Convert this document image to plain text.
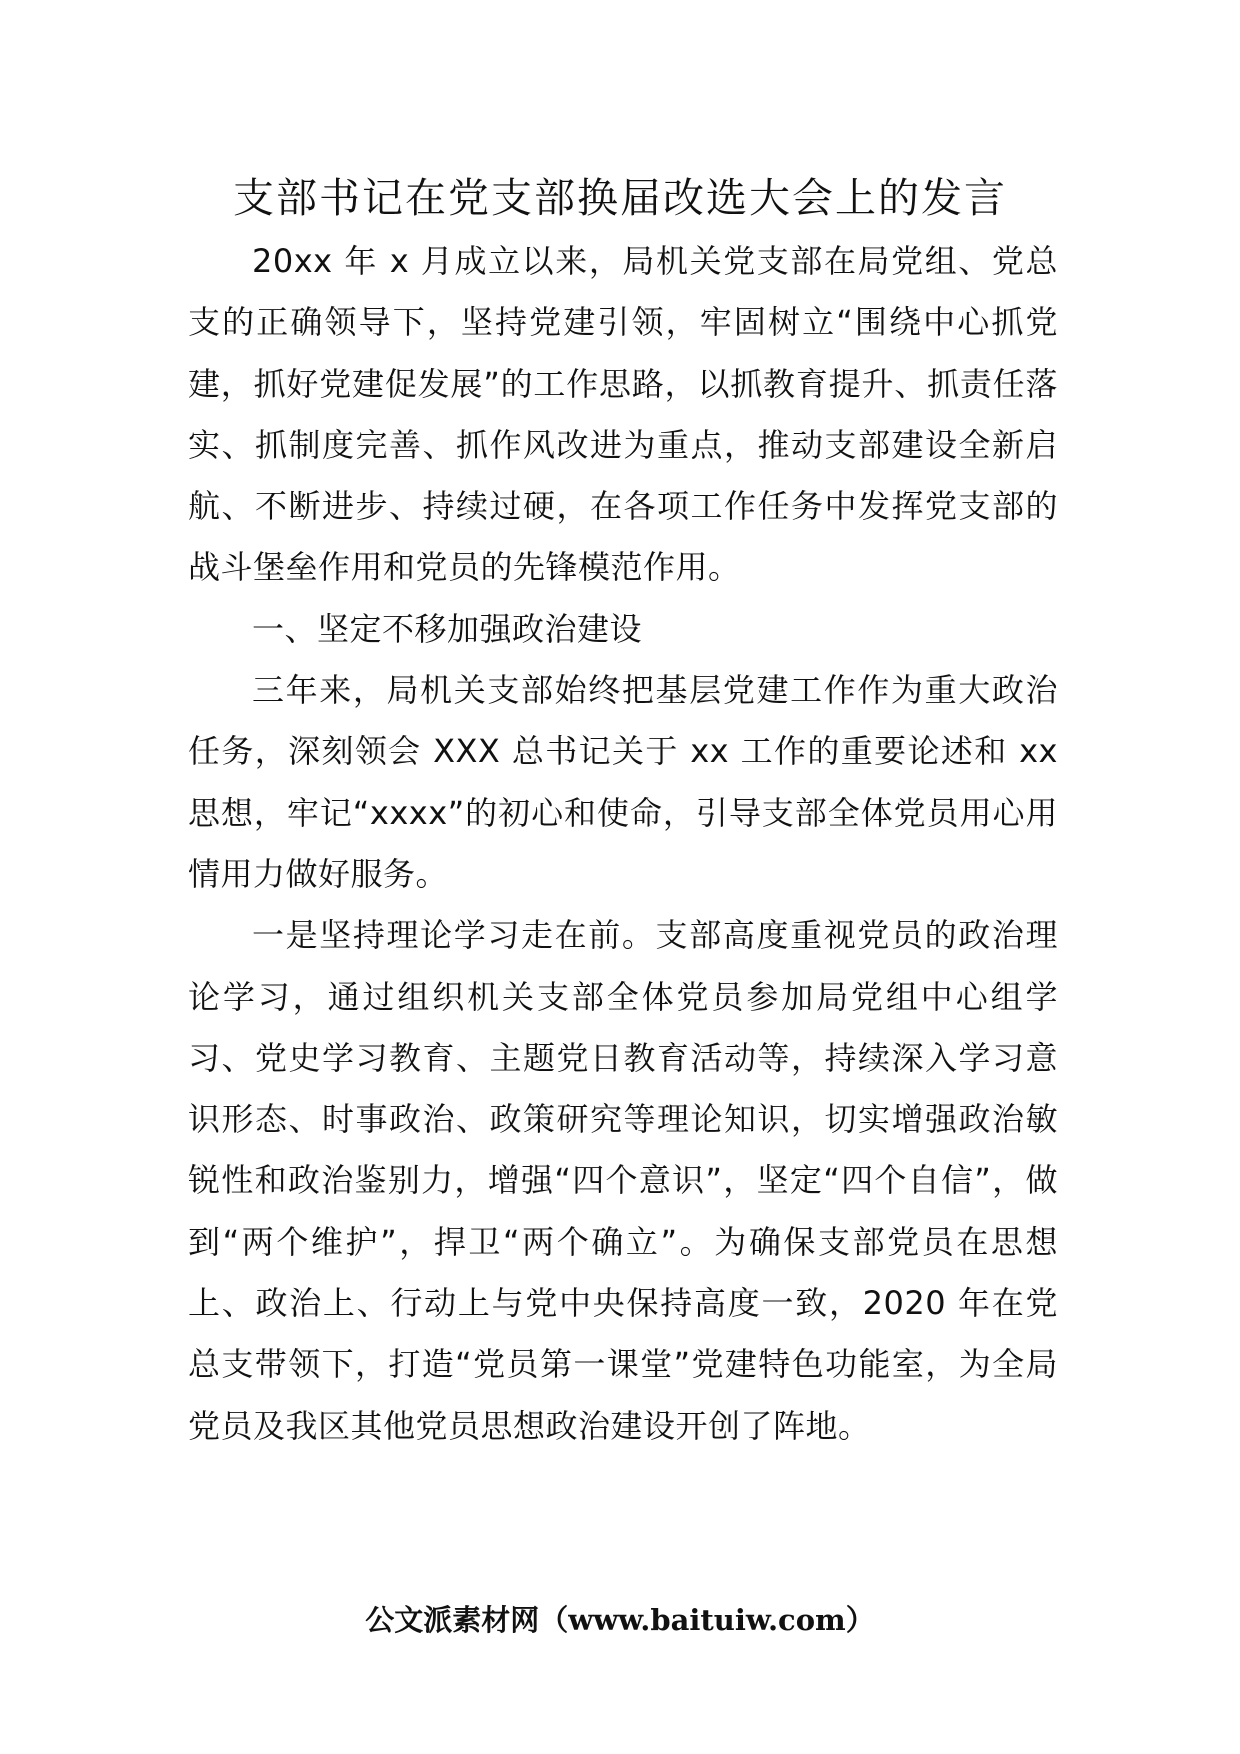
支部书记在党支部换届改选大会上的发言

20xx 年 x 月成立以来，局机关党支部在局党组、党总支的正确领导下，坚持党建引领，牢固树立“围绕中心抓党建，抓好党建促发展”的工作思路，以抓教育提升、抓责任落实、抓制度完善、抓作风改进为重点，推动支部建设全新启航、不断进步、持续过硬，在各项工作任务中发挥党支部的战斗堡垒作用和党员的先锋模范作用。

一、坚定不移加强政治建设

三年来，局机关支部始终把基层党建工作作为重大政治任务，深刻领会 XXX 总书记关于 xx 工作的重要论述和 xx 思想，牢记“xxxx”的初心和使命，引导支部全体党员用心用情用力做好服务。

一是坚持理论学习走在前。支部高度重视党员的政治理论学习，通过组织机关支部全体党员参加局党组中心组学习、党史学习教育、主题党日教育活动等，持续深入学习意识形态、时事政治、政策研究等理论知识，切实增强政治敏锐性和政治鉴别力，增强“四个意识”，坚定“四个自信”，做到“两个维护”，捍卫“两个确立”。为确保支部党员在思想上、政治上、行动上与党中央保持高度一致，2020 年在党总支带领下，打造“党员第一课堂”党建特色功能室，为全局党员及我区其他党员思想政治建设开创了阵地。

公文派素材网（www.baituiw.com）
